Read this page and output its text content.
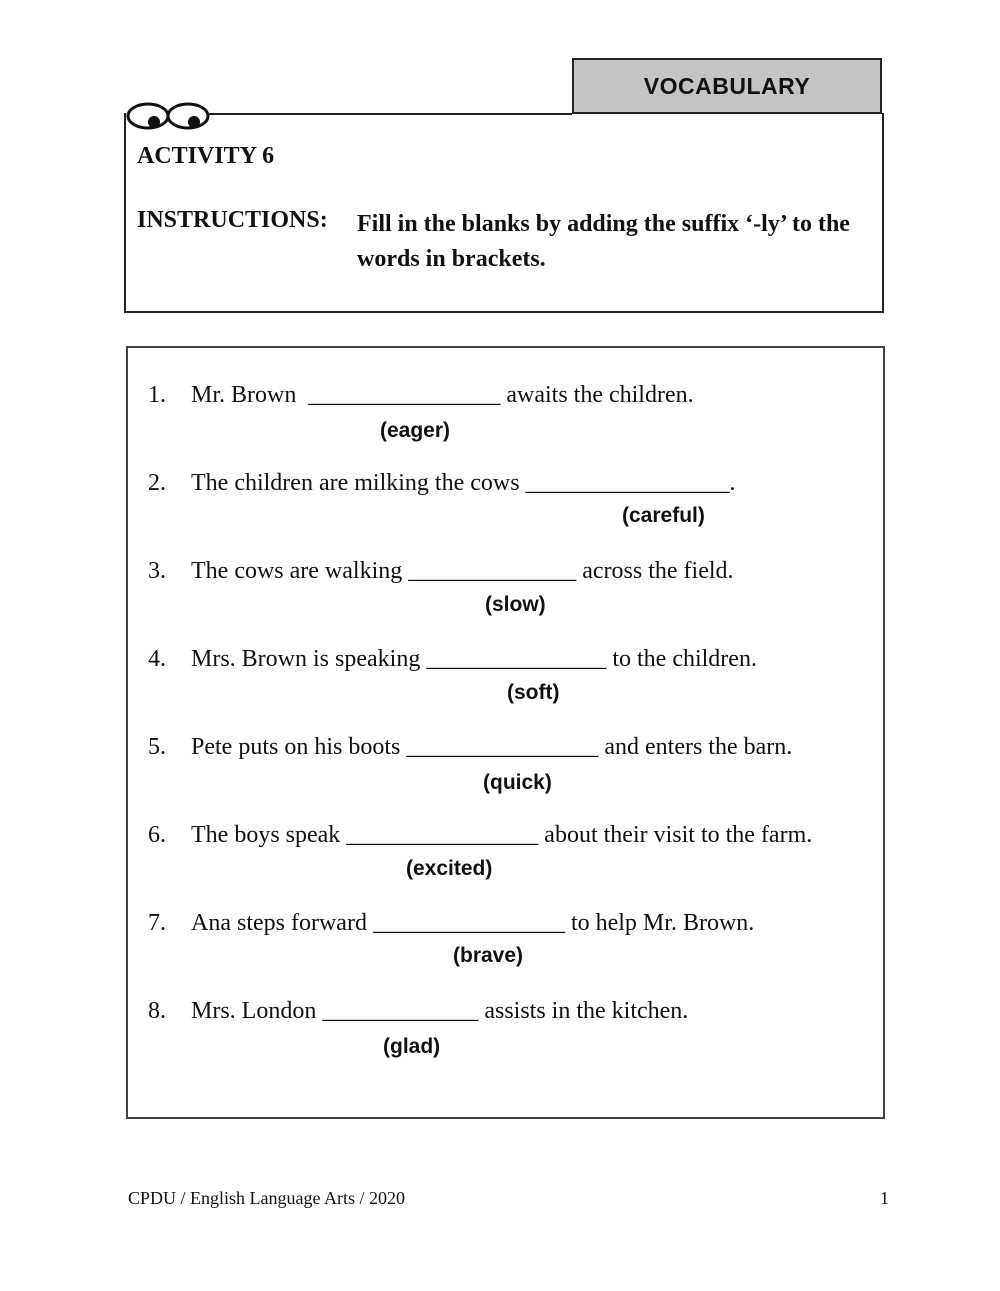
VOCABULARY
ACTIVITY 6
INSTRUCTIONS: Fill in the blanks by adding the suffix ‘-ly’ to the words in brackets.
1. Mr. Brown  ________________ awaits the children.
(eager)
2. The children are milking the cows _________________.
(careful)
3. The cows are walking ______________ across the field.
(slow)
4. Mrs. Brown is speaking _______________ to the children.
(soft)
5. Pete puts on his boots ________________ and enters the barn.
(quick)
6. The boys speak ________________ about their visit to the farm.
(excited)
7. Ana steps forward ________________ to help Mr. Brown.
(brave)
8. Mrs. London _____________ assists in the kitchen.
(glad)
CPDU / English Language Arts / 2020	1
